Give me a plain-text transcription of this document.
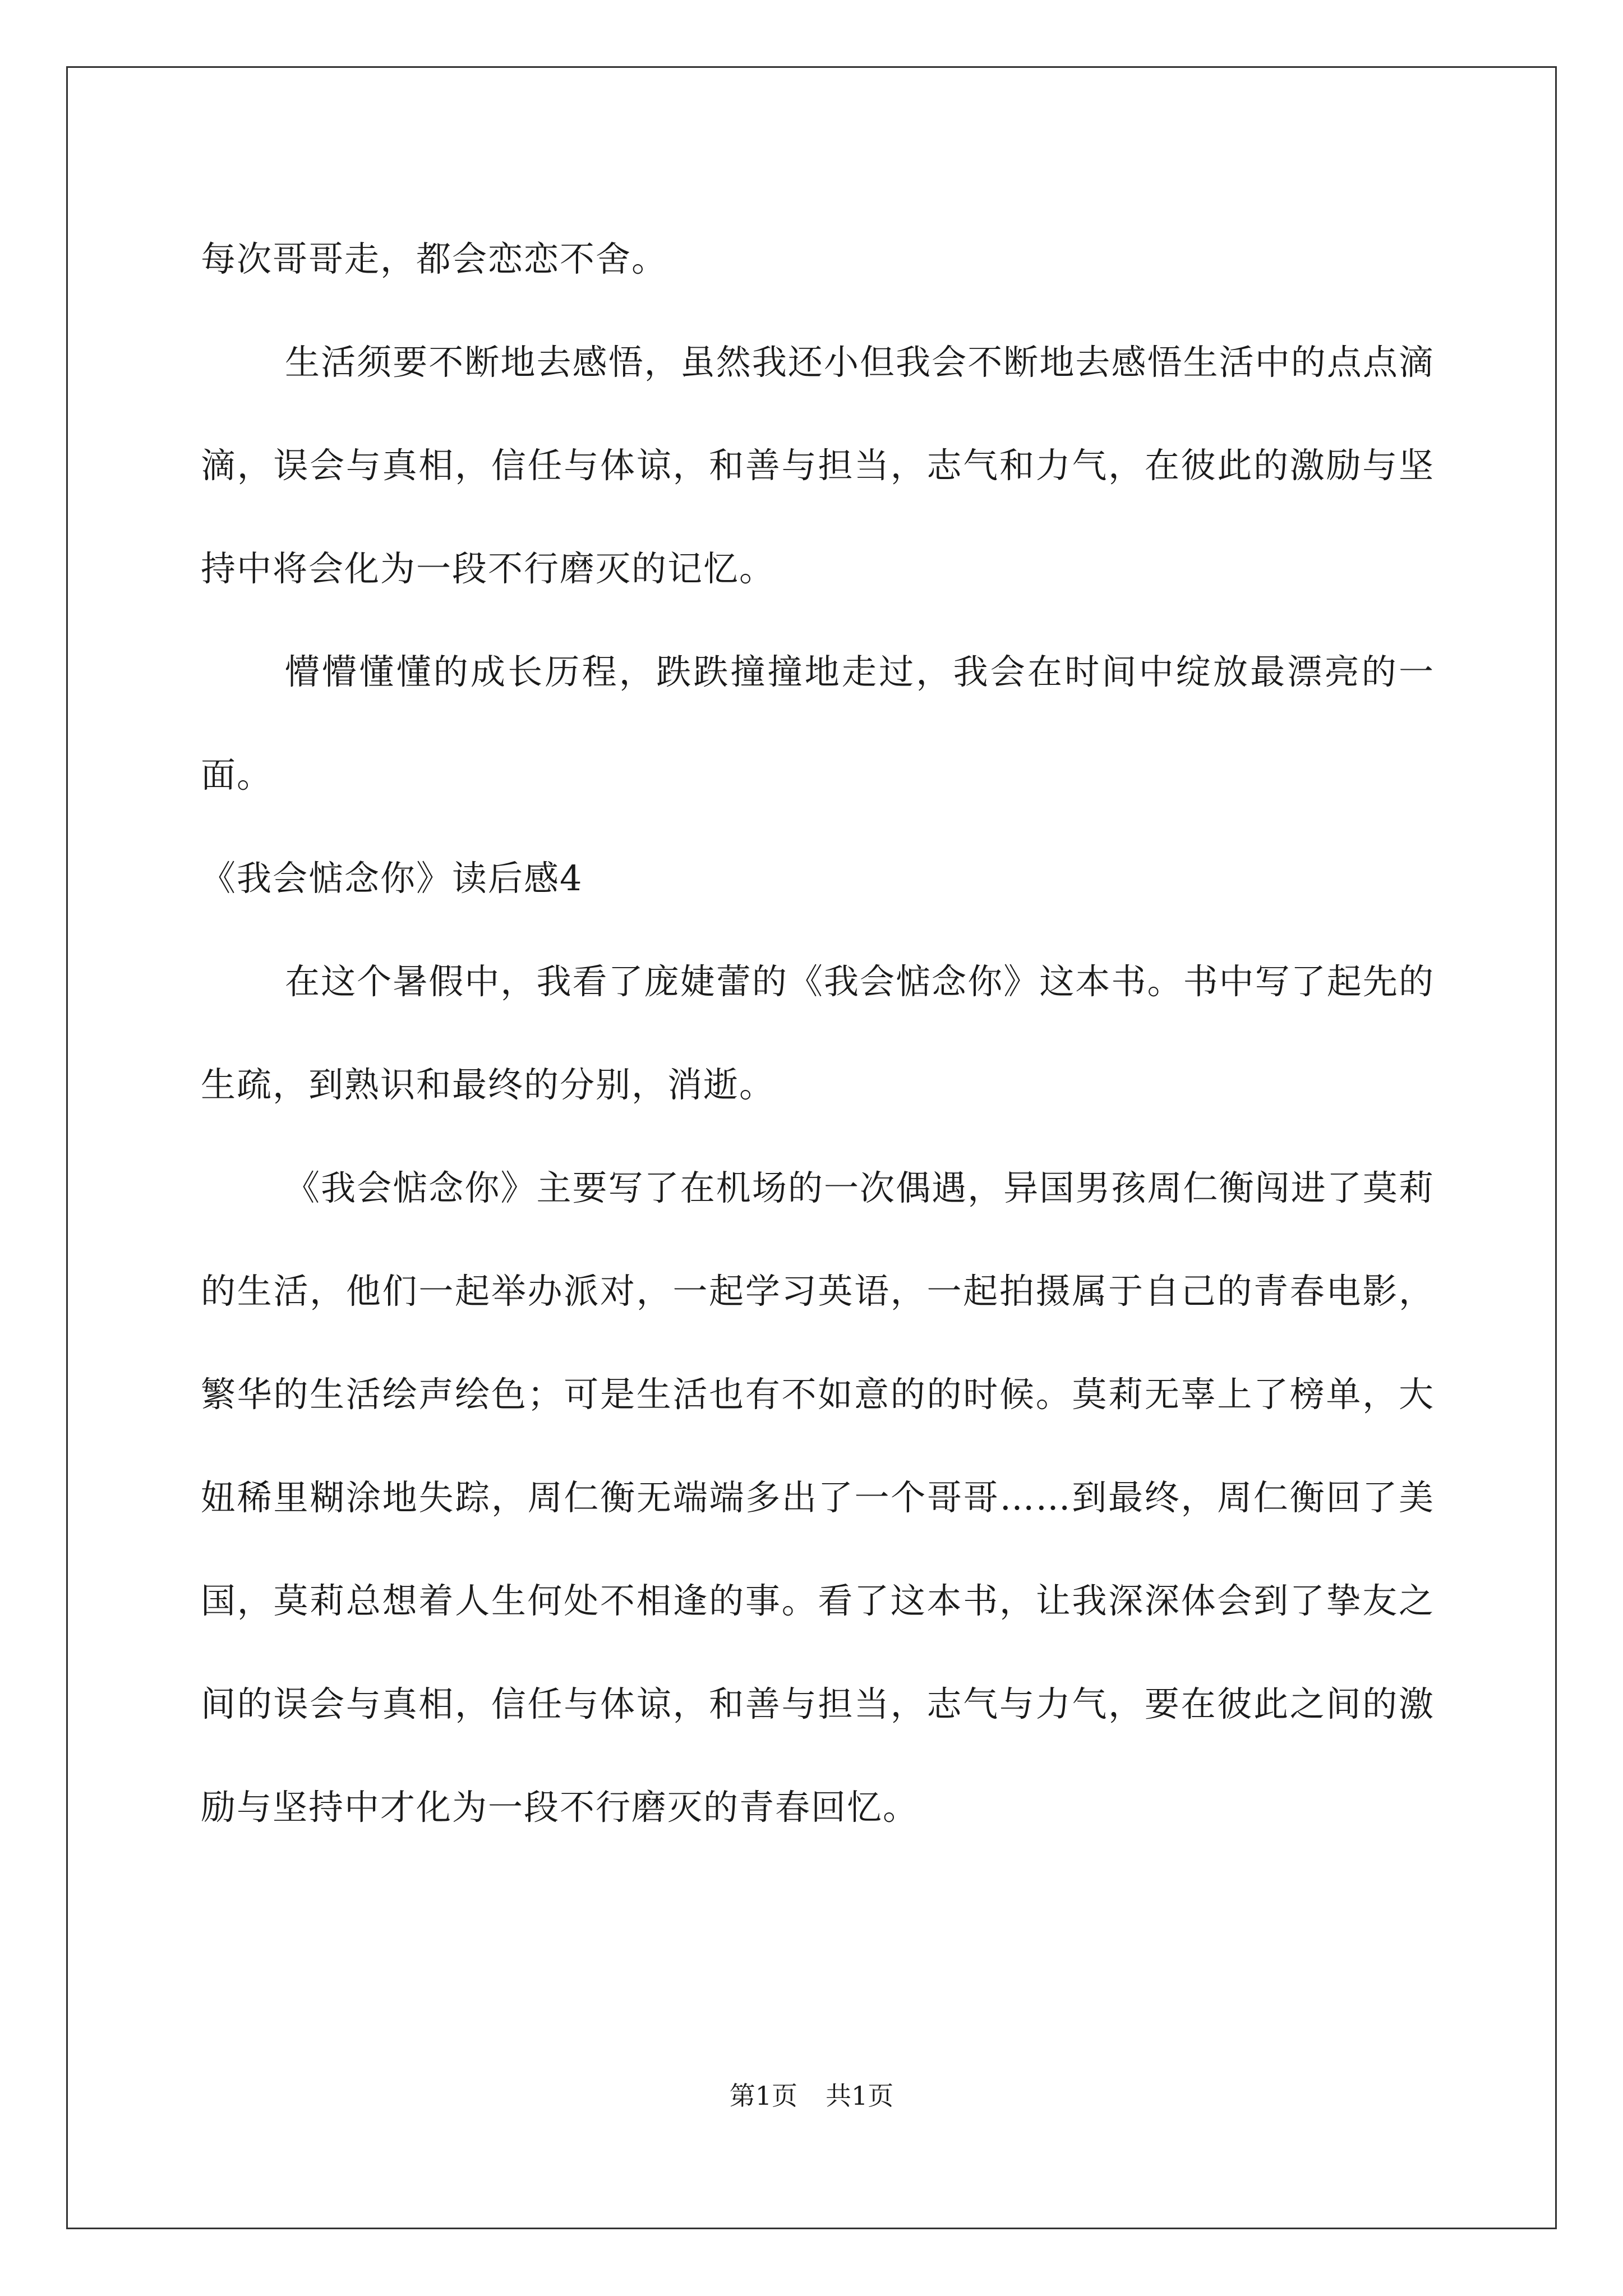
每次哥哥走，都会恋恋不舍。

生活须要不断地去感悟，虽然我还小但我会不断地去感悟生活中的点点滴滴，误会与真相，信任与体谅，和善与担当，志气和力气，在彼此的激励与坚持中将会化为一段不行磨灭的记忆。

懵懵懂懂的成长历程，跌跌撞撞地走过，我会在时间中绽放最漂亮的一面。

《我会惦念你》读后感4

在这个暑假中，我看了庞婕蕾的《我会惦念你》这本书。书中写了起先的生疏，到熟识和最终的分别，消逝。

《我会惦念你》主要写了在机场的一次偶遇，异国男孩周仁衡闯进了莫莉的生活，他们一起举办派对，一起学习英语，一起拍摄属于自己的青春电影，繁华的生活绘声绘色；可是生活也有不如意的的时候。莫莉无辜上了榜单，大妞稀里糊涂地失踪，周仁衡无端端多出了一个哥哥……到最终，周仁衡回了美国，莫莉总想着人生何处不相逢的事。看了这本书，让我深深体会到了挚友之间的误会与真相，信任与体谅，和善与担当，志气与力气，要在彼此之间的激励与坚持中才化为一段不行磨灭的青春回忆。

第1页 共1页
